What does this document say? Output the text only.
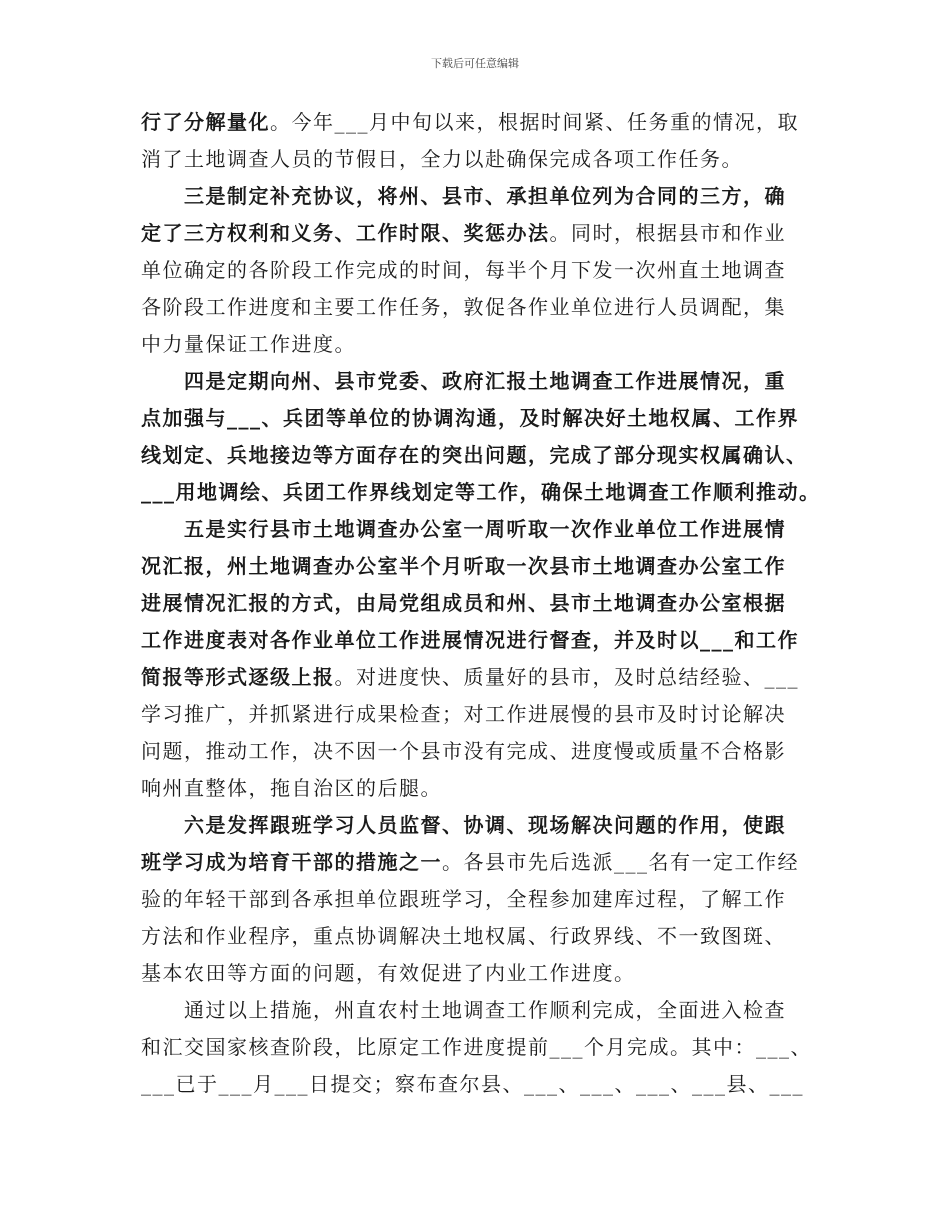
下载后可任意编辑
行了分解量化。今年___月中旬以来，根据时间紧、任务重的情况，取
消了土地调查人员的节假日，全力以赴确保完成各项工作任务。
三是制定补充协议，将州、县市、承担单位列为合同的三方，确
定了三方权利和义务、工作时限、奖惩办法。同时，根据县市和作业
单位确定的各阶段工作完成的时间，每半个月下发一次州直土地调查
各阶段工作进度和主要工作任务，敦促各作业单位进行人员调配，集
中力量保证工作进度。
四是定期向州、县市党委、政府汇报土地调查工作进展情况，重
点加强与___、兵团等单位的协调沟通，及时解决好土地权属、工作界
线划定、兵地接边等方面存在的突出问题，完成了部分现实权属确认、
___用地调绘、兵团工作界线划定等工作，确保土地调查工作顺利推动。
五是实行县市土地调查办公室一周听取一次作业单位工作进展情
况汇报，州土地调查办公室半个月听取一次县市土地调查办公室工作
进展情况汇报的方式，由局党组成员和州、县市土地调查办公室根据
工作进度表对各作业单位工作进展情况进行督查，并及时以___和工作
简报等形式逐级上报。对进度快、质量好的县市，及时总结经验、___
学习推广，并抓紧进行成果检查；对工作进展慢的县市及时讨论解决
问题，推动工作，决不因一个县市没有完成、进度慢或质量不合格影
响州直整体，拖自治区的后腿。
六是发挥跟班学习人员监督、协调、现场解决问题的作用，使跟
班学习成为培育干部的措施之一。各县市先后选派___名有一定工作经
验的年轻干部到各承担单位跟班学习，全程参加建库过程，了解工作
方法和作业程序，重点协调解决土地权属、行政界线、不一致图斑、
基本农田等方面的问题，有效促进了内业工作进度。
通过以上措施，州直农村土地调查工作顺利完成，全面进入检查
和汇交国家核查阶段，比原定工作进度提前___个月完成。其中：___、
___已于___月___日提交；察布查尔县、___、___、___、___县、___
